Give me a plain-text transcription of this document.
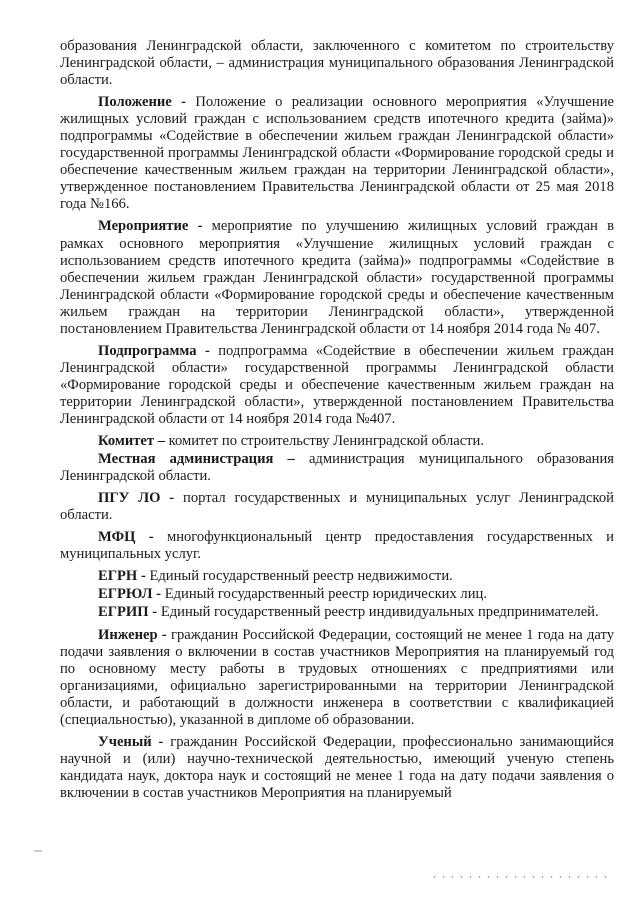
образования Ленинградской области, заключенного с комитетом по строительству Ленинградской области, – администрация муниципального образования Ленинградской области.

Положение - Положение о реализации основного мероприятия «Улучшение жилищных условий граждан с использованием средств ипотечного кредита (займа)» подпрограммы «Содействие в обеспечении жильем граждан Ленинградской области» государственной программы Ленинградской области «Формирование городской среды и обеспечение качественным жильем граждан на территории Ленинградской области», утвержденное постановлением Правительства Ленинградской области от 25 мая 2018 года №166.

Мероприятие - мероприятие по улучшению жилищных условий граждан в рамках основного мероприятия «Улучшение жилищных условий граждан с использованием средств ипотечного кредита (займа)» подпрограммы «Содействие в обеспечении жильем граждан Ленинградской области» государственной программы Ленинградской области «Формирование городской среды и обеспечение качественным жильем граждан на территории Ленинградской области», утвержденной постановлением Правительства Ленинградской области от 14 ноября 2014 года № 407.

Подпрограмма - подпрограмма «Содействие в обеспечении жильем граждан Ленинградской области» государственной программы Ленинградской области «Формирование городской среды и обеспечение качественным жильем граждан на территории Ленинградской области», утвержденной постановлением Правительства Ленинградской области от 14 ноября 2014 года №407.

Комитет – комитет по строительству Ленинградской области.

Местная администрация – администрация муниципального образования Ленинградской области.

ПГУ ЛО - портал государственных и муниципальных услуг Ленинградской области.

МФЦ - многофункциональный центр предоставления государственных и муниципальных услуг.

ЕГРН - Единый государственный реестр недвижимости.

ЕГРЮЛ - Единый государственный реестр юридических лиц.

ЕГРИП - Единый государственный реестр индивидуальных предпринимателей.

Инженер - гражданин Российской Федерации, состоящий не менее 1 года на дату подачи заявления о включении в состав участников Мероприятия на планируемый год по основному месту работы в трудовых отношениях с предприятиями или организациями, официально зарегистрированными на территории Ленинградской области, и работающий в должности инженера в соответствии с квалификацией (специальностью), указанной в дипломе об образовании.

Ученый - гражданин Российской Федерации, профессионально занимающийся научной и (или) научно-технической деятельностью, имеющий ученую степень кандидата наук, доктора наук и состоящий не менее 1 года на дату подачи заявления о включении в состав участников Мероприятия на планируемый
